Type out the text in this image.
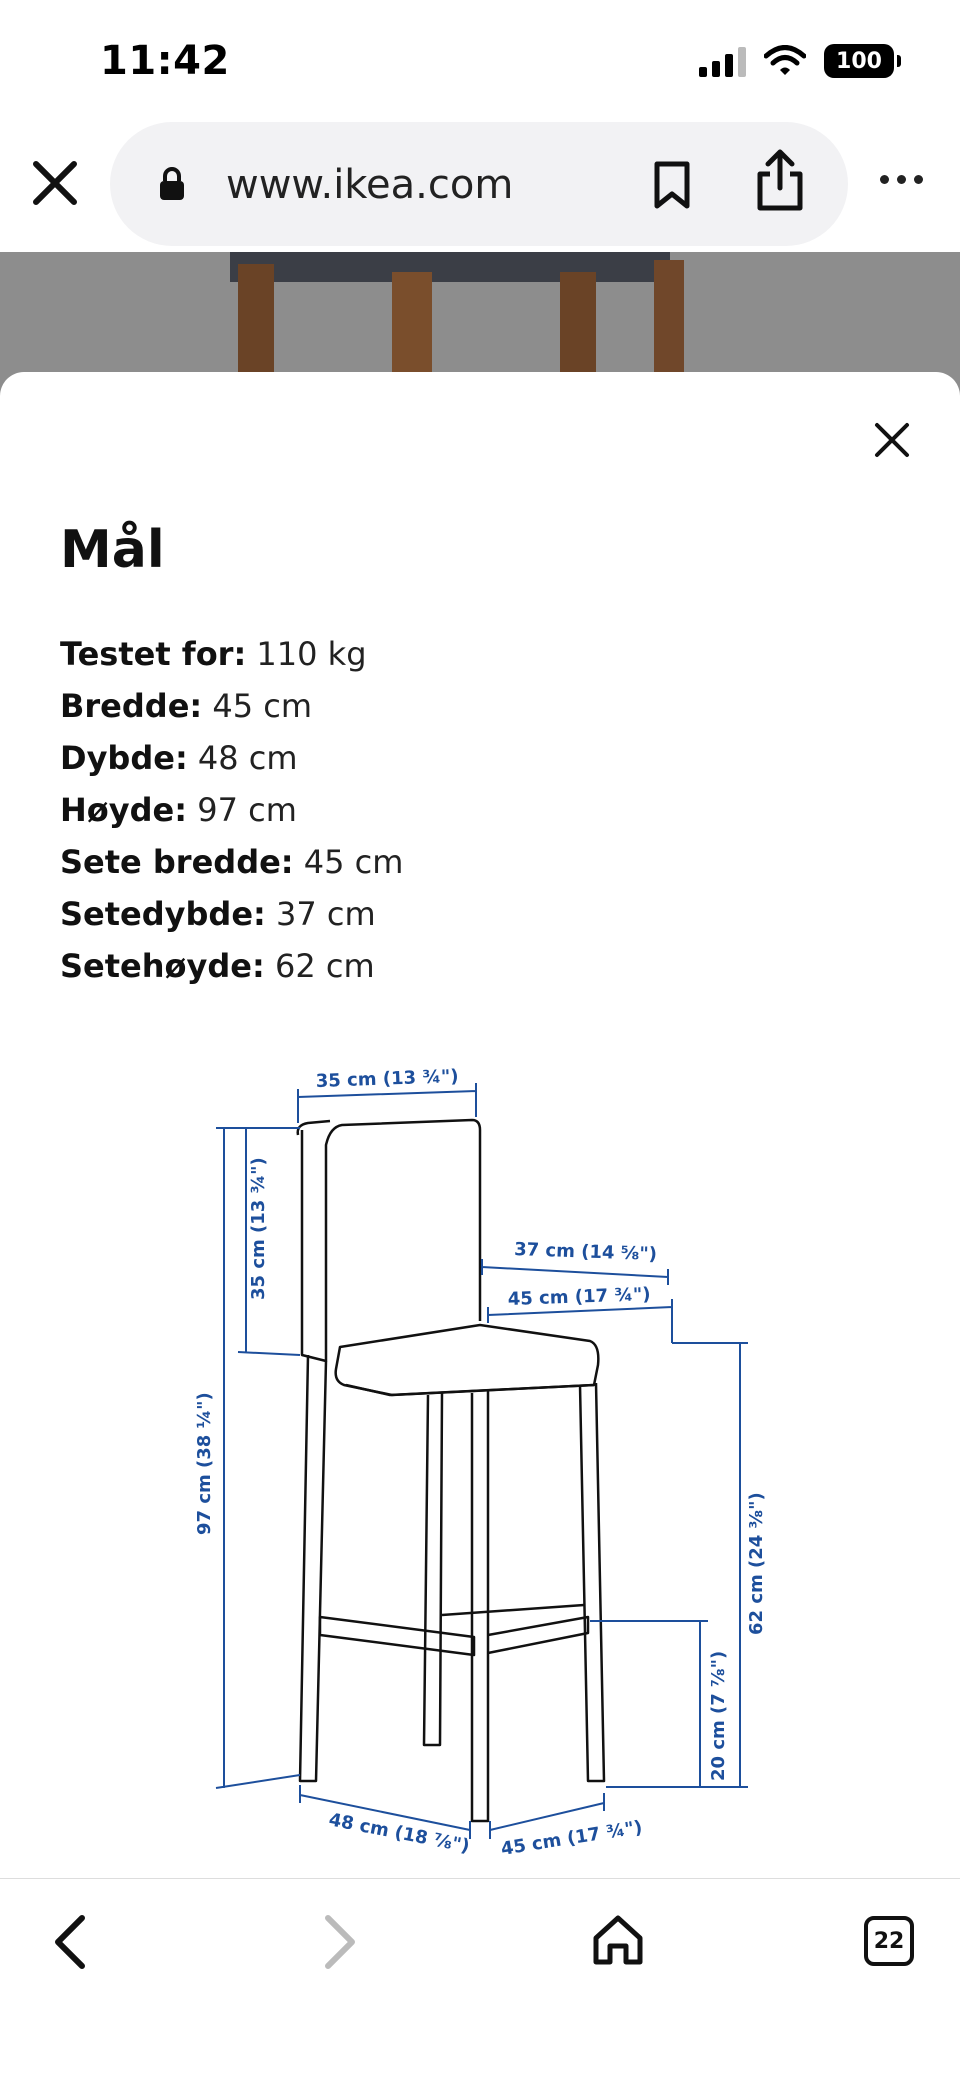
11:42	100
www.ikea.com
Mål
Testet for: 110 kg
Bredde: 45 cm
Dybde: 48 cm
Høyde: 97 cm
Sete bredde: 45 cm
Setedybde: 37 cm
Setehøyde: 62 cm
35 cm (13 ¾")
35 cm (13 ¾")
97 cm (38 ¼")
37 cm (14 ⅝")
45 cm (17 ¾")
62 cm (24 ⅜")
20 cm (7 ⅞")
48 cm (18 ⅞") 45 cm (17 ¾")
22
